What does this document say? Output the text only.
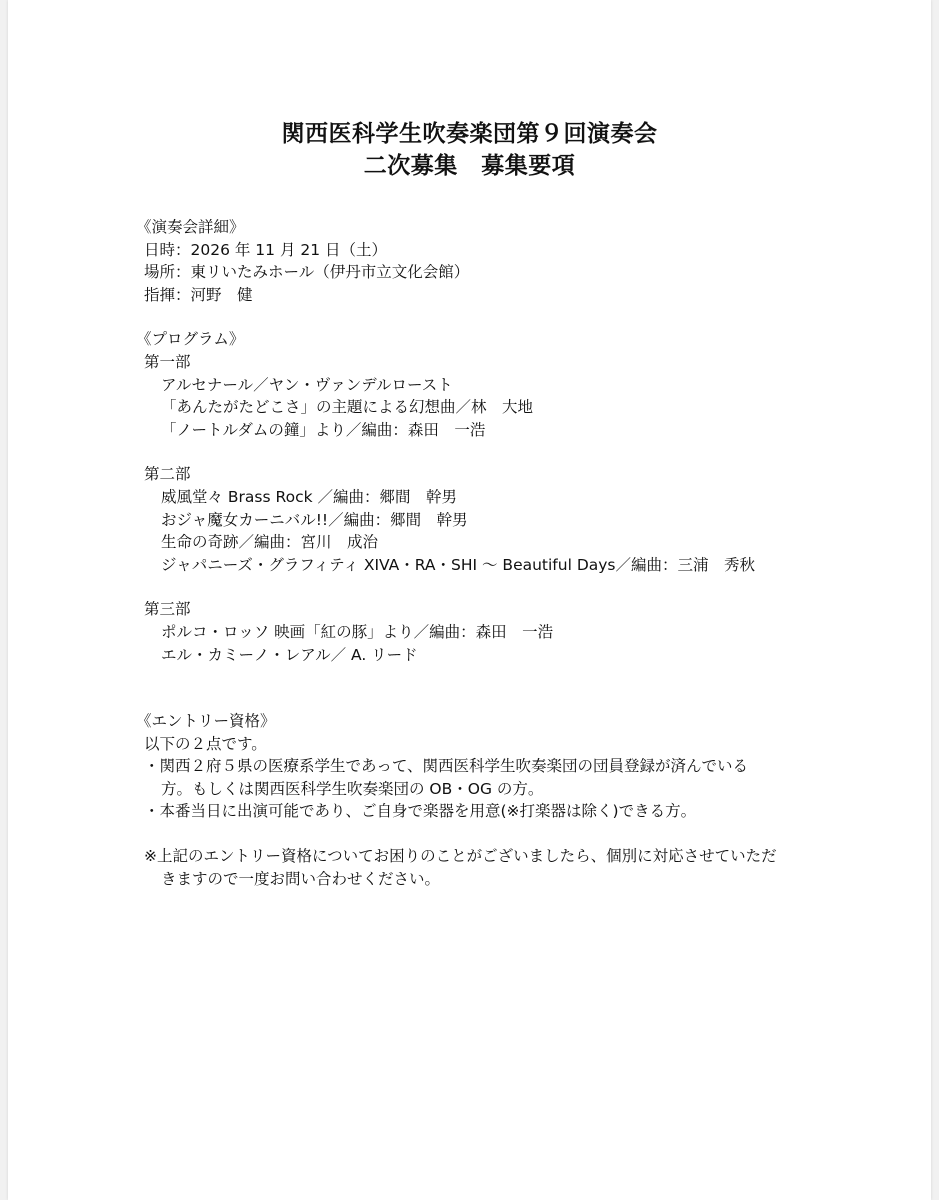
関西医科学生吹奏楽団第９回演奏会
二次募集　募集要項
《演奏会詳細》
日時：2026 年 11 月 21 日（土）
場所：東リいたみホール（伊丹市立文化会館）
指揮：河野　健
《プログラム》
第一部
アルセナール／ヤン・ヴァンデルロースト
「あんたがたどこさ」の主題による幻想曲／林　大地
「ノートルダムの鐘」より／編曲：森田　一浩
第二部
威風堂々 Brass Rock ／編曲：郷間　幹男
おジャ魔女カーニバル!!／編曲：郷間　幹男
生命の奇跡／編曲：宮川　成治
ジャパニーズ・グラフィティ XIVA・RA・SHI 〜 Beautiful Days／編曲：三浦　秀秋
第三部
ポルコ・ロッソ 映画「紅の豚」より／編曲：森田　一浩
エル・カミーノ・レアル／ A. リード
《エントリー資格》
以下の２点です。
・関西２府５県の医療系学生であって、関西医科学生吹奏楽団の団員登録が済んでいる
方。もしくは関西医科学生吹奏楽団の OB・OG の方。
・本番当日に出演可能であり、ご自身で楽器を用意(※打楽器は除く)できる方。
※上記のエントリー資格についてお困りのことがございましたら、個別に対応させていただ
きますので一度お問い合わせください。
